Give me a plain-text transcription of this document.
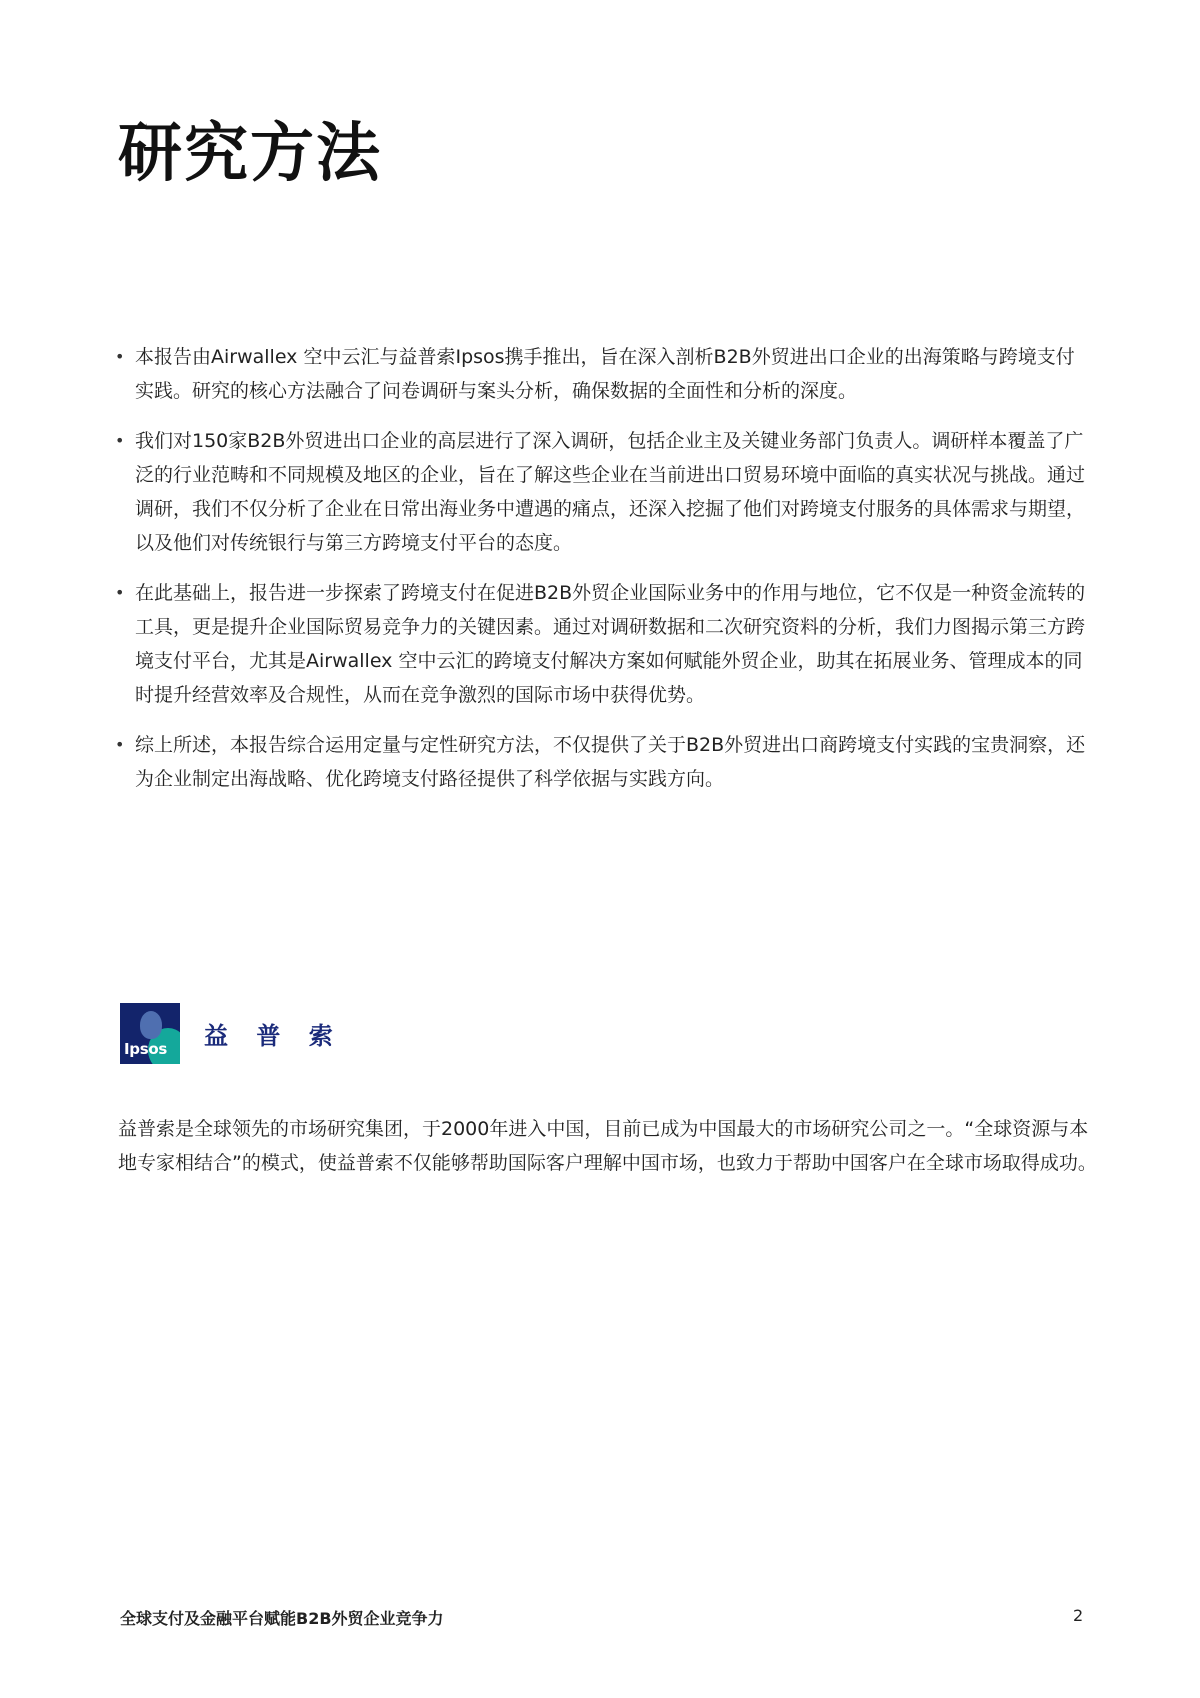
研究方法
• 本报告由Airwallex 空中云汇与益普索Ipsos携手推出，旨在深入剖析B2B外贸进出口企业的出海策略与跨境支付实践。研究的核心方法融合了问卷调研与案头分析，确保数据的全面性和分析的深度。
• 我们对150家B2B外贸进出口企业的高层进行了深入调研，包括企业主及关键业务部门负责人。调研样本覆盖了广泛的行业范畴和不同规模及地区的企业，旨在了解这些企业在当前进出口贸易环境中面临的真实状况与挑战。通过调研，我们不仅分析了企业在日常出海业务中遭遇的痛点，还深入挖掘了他们对跨境支付服务的具体需求与期望，以及他们对传统银行与第三方跨境支付平台的态度。
• 在此基础上，报告进一步探索了跨境支付在促进B2B外贸企业国际业务中的作用与地位，它不仅是一种资金流转的工具，更是提升企业国际贸易竞争力的关键因素。通过对调研数据和二次研究资料的分析，我们力图揭示第三方跨境支付平台，尤其是Airwallex 空中云汇的跨境支付解决方案如何赋能外贸企业，助其在拓展业务、管理成本的同时提升经营效率及合规性，从而在竞争激烈的国际市场中获得优势。
• 综上所述，本报告综合运用定量与定性研究方法，不仅提供了关于B2B外贸进出口商跨境支付实践的宝贵洞察，还为企业制定出海战略、优化跨境支付路径提供了科学依据与实践方向。
Ipsos 益 普 索

益普索是全球领先的市场研究集团，于2000年进入中国，目前已成为中国最大的市场研究公司之一。“全球资源与本地专家相结合”的模式，使益普索不仅能够帮助国际客户理解中国市场，也致力于帮助中国客户在全球市场取得成功。

全球支付及金融平台赋能B2B外贸企业竞争力	2
